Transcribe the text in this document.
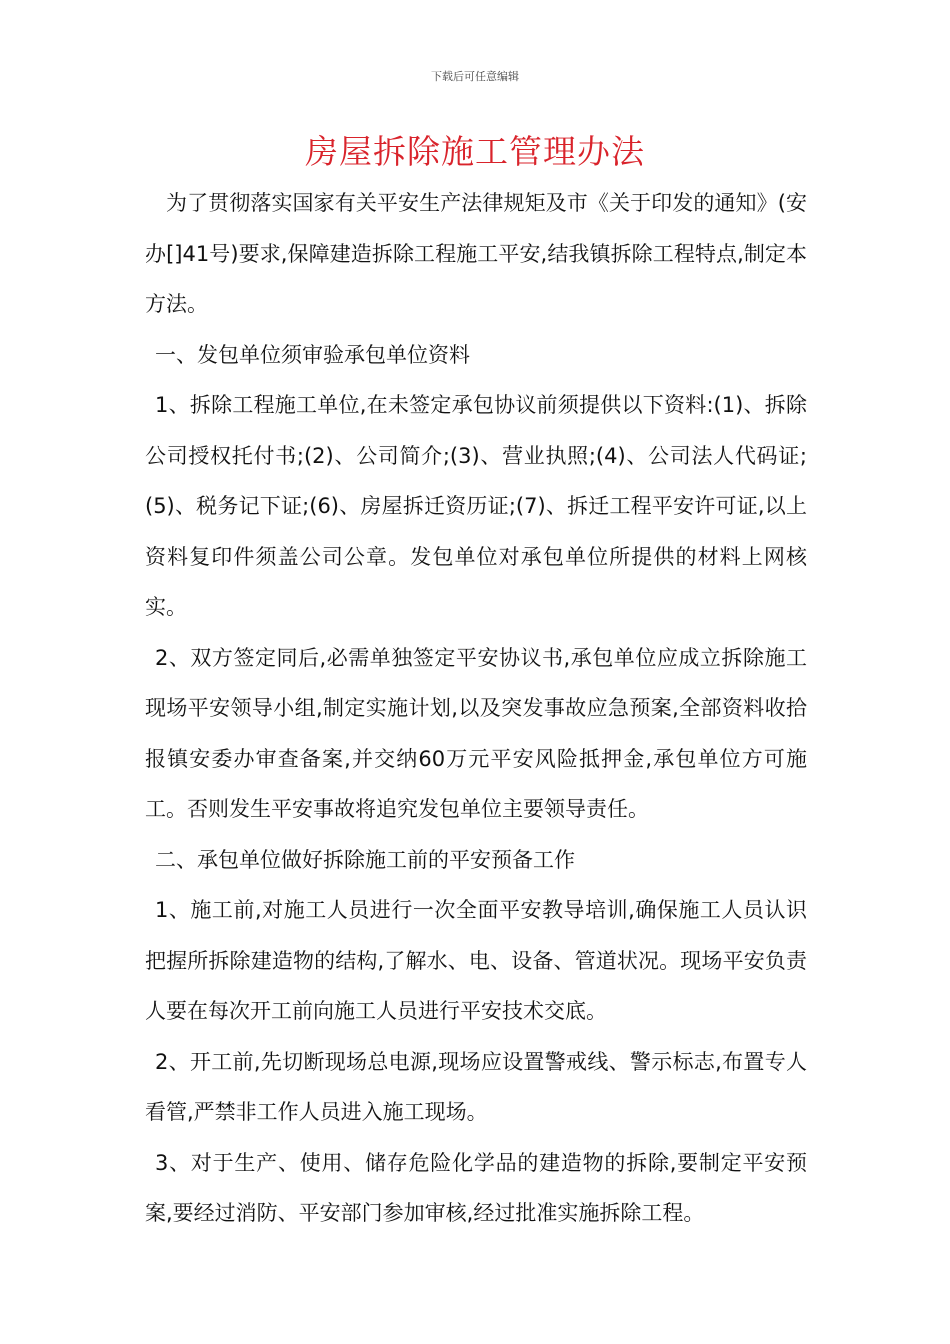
下载后可任意编辑
房屋拆除施工管理办法

为了贯彻落实国家有关平安生产法律规矩及市《关于印发的通知》(安办[]41号)要求,保障建造拆除工程施工平安,结我镇拆除工程特点,制定本方法。

一、发包单位须审验承包单位资料

1、拆除工程施工单位,在未签定承包协议前须提供以下资料:(1)、拆除公司授权托付书;(2)、公司简介;(3)、营业执照;(4)、公司法人代码证;(5)、税务记下证;(6)、房屋拆迁资历证;(7)、拆迁工程平安许可证,以上资料复印件须盖公司公章。发包单位对承包单位所提供的材料上网核实。

2、双方签定同后,必需单独签定平安协议书,承包单位应成立拆除施工现场平安领导小组,制定实施计划,以及突发事故应急预案,全部资料收拾报镇安委办审查备案,并交纳60万元平安风险抵押金,承包单位方可施工。否则发生平安事故将追究发包单位主要领导责任。

二、承包单位做好拆除施工前的平安预备工作

1、施工前,对施工人员进行一次全面平安教导培训,确保施工人员认识把握所拆除建造物的结构,了解水、电、设备、管道状况。现场平安负责人要在每次开工前向施工人员进行平安技术交底。

2、开工前,先切断现场总电源,现场应设置警戒线、警示标志,布置专人看管,严禁非工作人员进入施工现场。

3、对于生产、使用、储存危险化学品的建造物的拆除,要制定平安预案,要经过消防、平安部门参加审核,经过批准实施拆除工程。
